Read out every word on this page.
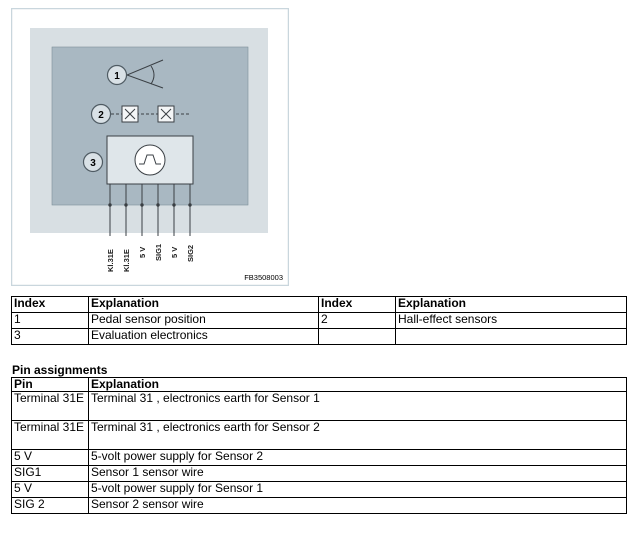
1
2
3
Kl.31E Kl.31E 5 V SIG1 5 V SIG2
FB3508003
Index	Explanation	Index	Explanation
1	Pedal sensor position	2	Hall-effect sensors
3	Evaluation electronics		
Pin assignments
Pin	Explanation
Terminal 31E	Terminal 31 , electronics earth for Sensor 1
Terminal 31E	Terminal 31 , electronics earth for Sensor 2
5 V	5-volt power supply for Sensor 2
SIG1	Sensor 1 sensor wire
5 V	5-volt power supply for Sensor 1
SIG 2	Sensor 2 sensor wire
